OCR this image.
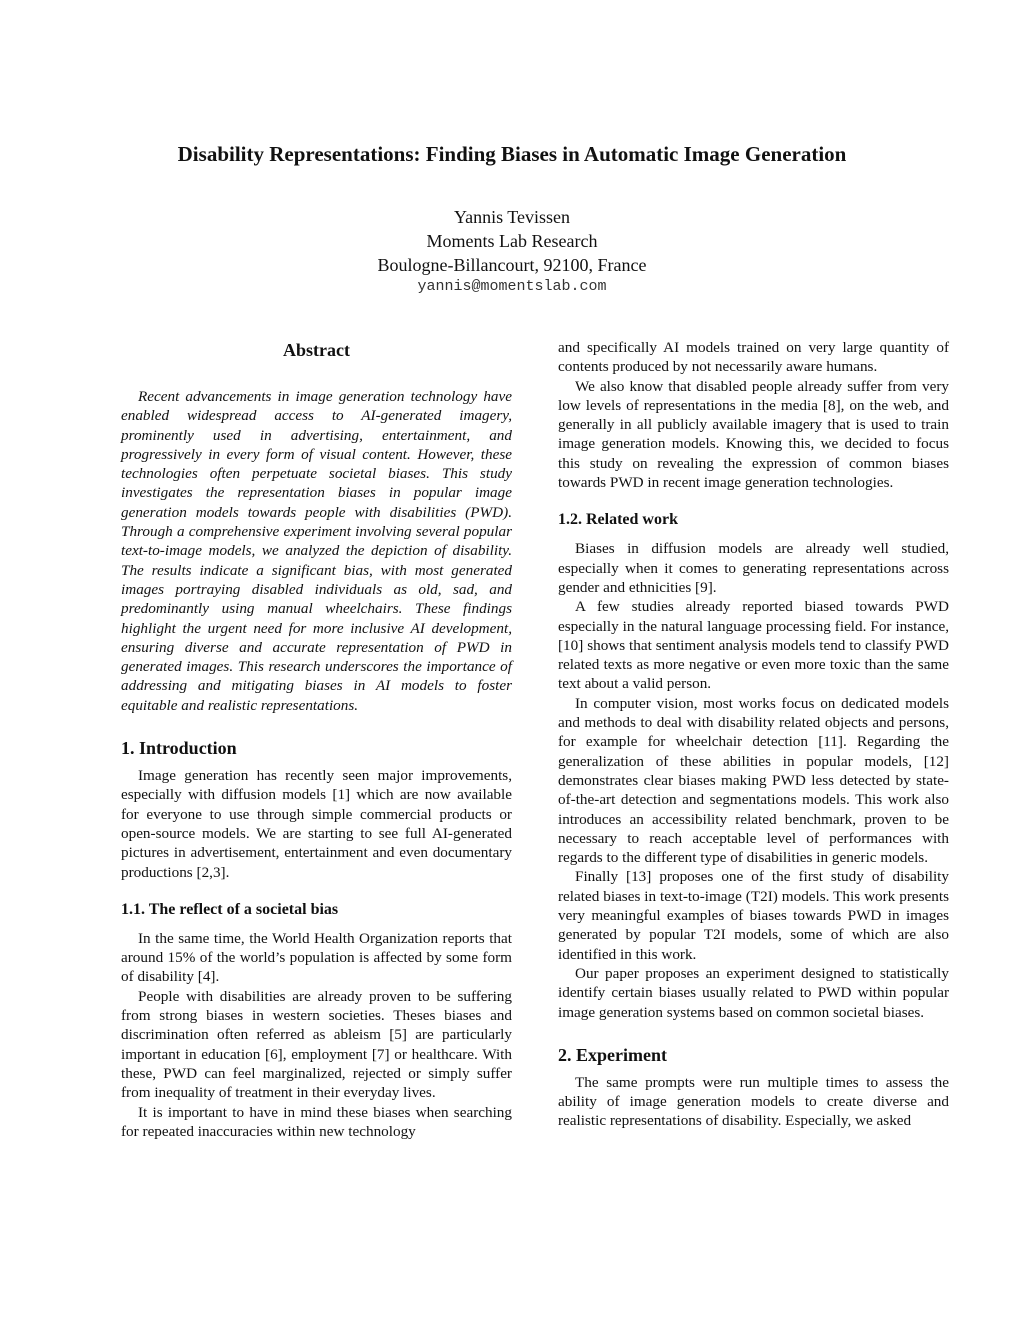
Disability Representations: Finding Biases in Automatic Image Generation
Yannis Tevissen
Moments Lab Research
Boulogne-Billancourt, 92100, France
yannis@momentslab.com
Abstract

Recent advancements in image generation technology have enabled widespread access to AI-generated imagery, prominently used in advertising, entertainment, and progressively in every form of visual content. However, these technologies often perpetuate societal biases. This study investigates the representation biases in popular image generation models towards people with disabilities (PWD). Through a comprehensive experiment involving several popular text-to-image models, we analyzed the depiction of disability. The results indicate a significant bias, with most generated images portraying disabled individuals as old, sad, and predominantly using manual wheelchairs. These findings highlight the urgent need for more inclusive AI development, ensuring diverse and accurate representation of PWD in generated images. This research underscores the importance of addressing and mitigating biases in AI models to foster equitable and realistic representations.

1. Introduction

Image generation has recently seen major improvements, especially with diffusion models [1] which are now available for everyone to use through simple commercial products or open-source models. We are starting to see full AI-generated pictures in advertisement, entertainment and even documentary productions [2,3].

1.1. The reflect of a societal bias

In the same time, the World Health Organization reports that around 15% of the world’s population is affected by some form of disability [4].

People with disabilities are already proven to be suffering from strong biases in western societies. Theses biases and discrimination often referred as ableism [5] are particularly important in education [6], employment [7] or healthcare. With these, PWD can feel marginalized, rejected or simply suffer from inequality of treatment in their everyday lives.

It is important to have in mind these biases when searching for repeated inaccuracies within new technology

and specifically AI models trained on very large quantity of contents produced by not necessarily aware humans.

We also know that disabled people already suffer from very low levels of representations in the media [8], on the web, and generally in all publicly available imagery that is used to train image generation models. Knowing this, we decided to focus this study on revealing the expression of common biases towards PWD in recent image generation technologies.

1.2. Related work

Biases in diffusion models are already well studied, especially when it comes to generating representations across gender and ethnicities [9].

A few studies already reported biased towards PWD especially in the natural language processing field. For instance, [10] shows that sentiment analysis models tend to classify PWD related texts as more negative or even more toxic than the same text about a valid person.

In computer vision, most works focus on dedicated models and methods to deal with disability related objects and persons, for example for wheelchair detection [11]. Regarding the generalization of these abilities in popular models, [12] demonstrates clear biases making PWD less detected by state-of-the-art detection and segmentations models. This work also introduces an accessibility related benchmark, proven to be necessary to reach acceptable level of performances with regards to the different type of disabilities in generic models.

Finally [13] proposes one of the first study of disability related biases in text-to-image (T2I) models. This work presents very meaningful examples of biases towards PWD in images generated by popular T2I models, some of which are also identified in this work.

Our paper proposes an experiment designed to statistically identify certain biases usually related to PWD within popular image generation systems based on common societal biases.

2. Experiment

The same prompts were run multiple times to assess the ability of image generation models to create diverse and realistic representations of disability. Especially, we asked
